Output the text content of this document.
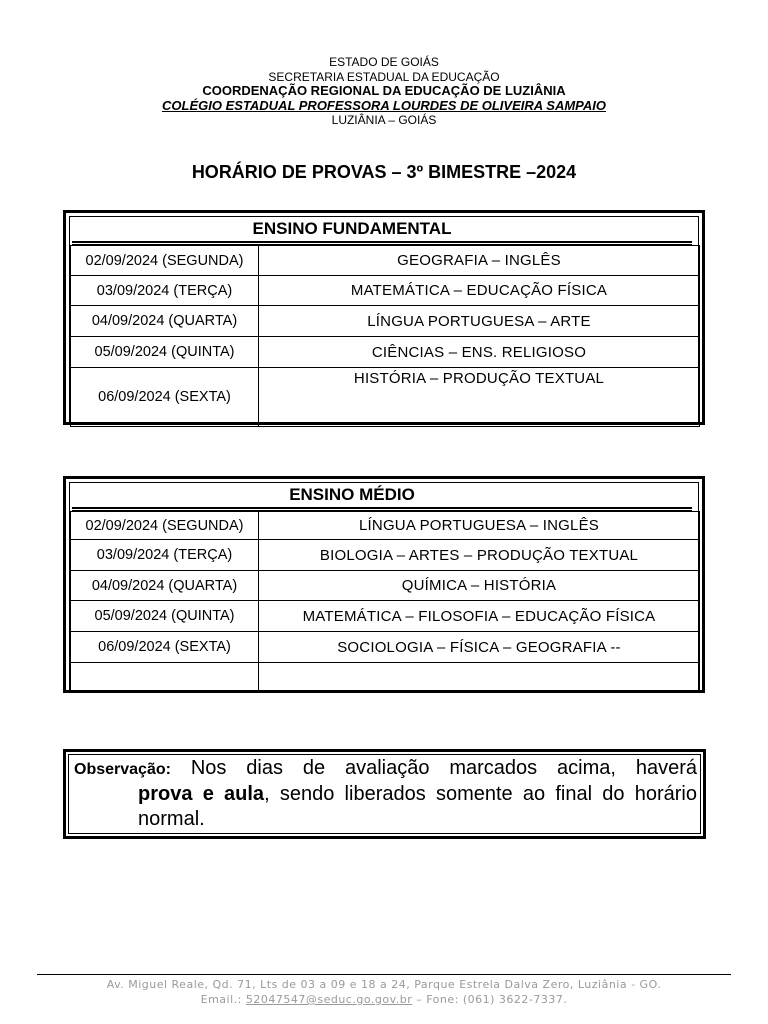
ESTADO DE GOIÁS
SECRETARIA ESTADUAL DA EDUCAÇÃO
COORDENAÇÃO REGIONAL DA EDUCAÇÃO DE LUZIÂNIA
COLÉGIO ESTADUAL PROFESSORA LOURDES DE OLIVEIRA SAMPAIO
LUZIÂNIA – GOIÁS
HORÁRIO DE PROVAS – 3º BIMESTRE –2024
ENSINO FUNDAMENTAL
02/09/2024 (SEGUNDA)	GEOGRAFIA – INGLÊS
03/09/2024 (TERÇA)	MATEMÁTICA – EDUCAÇÃO FÍSICA
04/09/2024 (QUARTA)	LÍNGUA PORTUGUESA – ARTE
05/09/2024 (QUINTA)	CIÊNCIAS – ENS. RELIGIOSO
06/09/2024 (SEXTA)	HISTÓRIA – PRODUÇÃO TEXTUAL
ENSINO MÉDIO
02/09/2024 (SEGUNDA)	LÍNGUA PORTUGUESA – INGLÊS
03/09/2024 (TERÇA)	BIOLOGIA – ARTES – PRODUÇÃO TEXTUAL
04/09/2024 (QUARTA)	QUÍMICA – HISTÓRIA
05/09/2024 (QUINTA)	MATEMÁTICA – FILOSOFIA – EDUCAÇÃO FÍSICA
06/09/2024 (SEXTA)	SOCIOLOGIA – FÍSICA – GEOGRAFIA --

Observação: Nos dias de avaliação marcados acima, haverá
prova e aula, sendo liberados somente ao final do horário
normal.
Av. Miguel Reale, Qd. 71, Lts de 03 a 09 e 18 a 24, Parque Estrela Dalva Zero, Luziânia - GO.
Email.: 52047547@seduc.go.gov.br – Fone: (061) 3622-7337.
